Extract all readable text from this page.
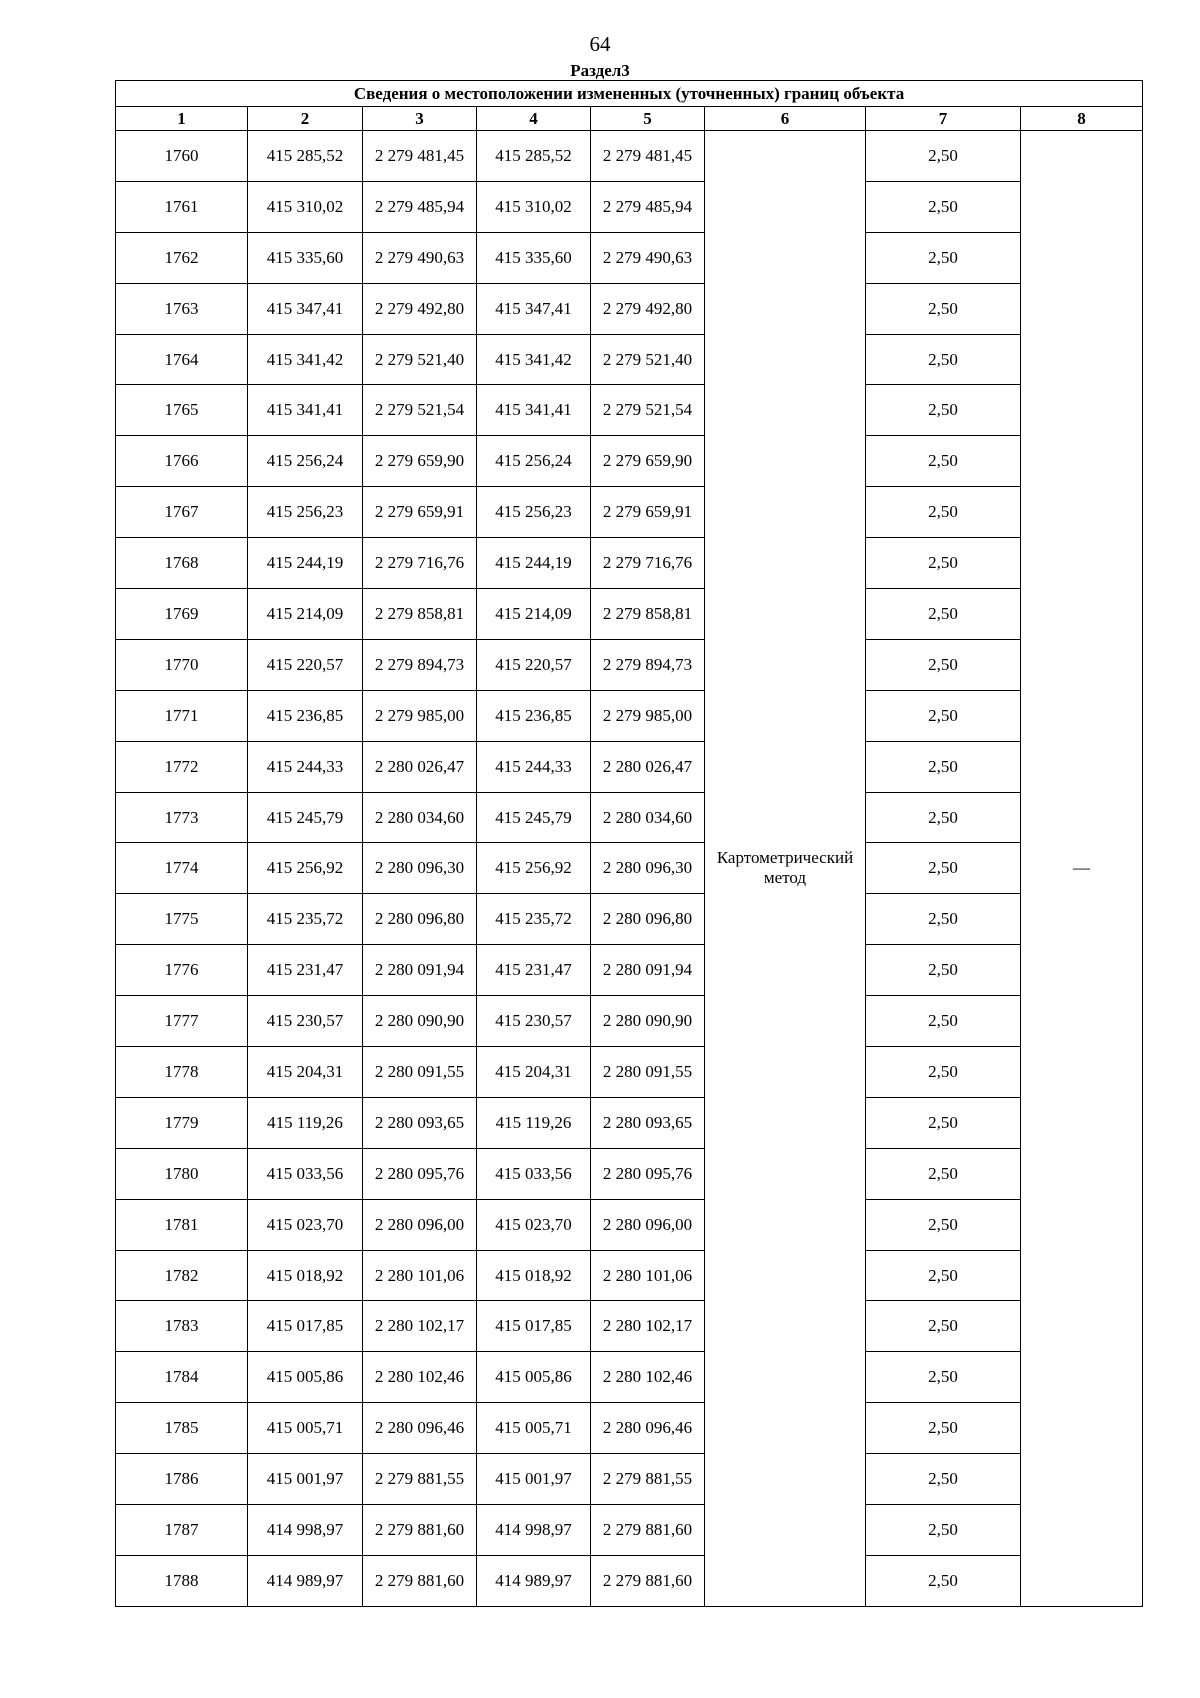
64
Раздел3
Сведения о местоположении измененных (уточненных) границ объекта							
1	2	3	4	5	6	7	8
1760	415 285,52	2 279 481,45	415 285,52	2 279 481,45	Картометрический метод	2,50	—
1761	415 310,02	2 279 485,94	415 310,02	2 279 485,94		2,50	
1762	415 335,60	2 279 490,63	415 335,60	2 279 490,63		2,50	
1763	415 347,41	2 279 492,80	415 347,41	2 279 492,80		2,50	
1764	415 341,42	2 279 521,40	415 341,42	2 279 521,40		2,50	
1765	415 341,41	2 279 521,54	415 341,41	2 279 521,54		2,50	
1766	415 256,24	2 279 659,90	415 256,24	2 279 659,90		2,50	
1767	415 256,23	2 279 659,91	415 256,23	2 279 659,91		2,50	
1768	415 244,19	2 279 716,76	415 244,19	2 279 716,76		2,50	
1769	415 214,09	2 279 858,81	415 214,09	2 279 858,81		2,50	
1770	415 220,57	2 279 894,73	415 220,57	2 279 894,73		2,50	
1771	415 236,85	2 279 985,00	415 236,85	2 279 985,00		2,50	
1772	415 244,33	2 280 026,47	415 244,33	2 280 026,47		2,50	
1773	415 245,79	2 280 034,60	415 245,79	2 280 034,60		2,50	
1774	415 256,92	2 280 096,30	415 256,92	2 280 096,30		2,50	
1775	415 235,72	2 280 096,80	415 235,72	2 280 096,80		2,50	
1776	415 231,47	2 280 091,94	415 231,47	2 280 091,94		2,50	
1777	415 230,57	2 280 090,90	415 230,57	2 280 090,90		2,50	
1778	415 204,31	2 280 091,55	415 204,31	2 280 091,55		2,50	
1779	415 119,26	2 280 093,65	415 119,26	2 280 093,65		2,50	
1780	415 033,56	2 280 095,76	415 033,56	2 280 095,76		2,50	
1781	415 023,70	2 280 096,00	415 023,70	2 280 096,00		2,50	
1782	415 018,92	2 280 101,06	415 018,92	2 280 101,06		2,50	
1783	415 017,85	2 280 102,17	415 017,85	2 280 102,17		2,50	
1784	415 005,86	2 280 102,46	415 005,86	2 280 102,46		2,50	
1785	415 005,71	2 280 096,46	415 005,71	2 280 096,46		2,50	
1786	415 001,97	2 279 881,55	415 001,97	2 279 881,55		2,50	
1787	414 998,97	2 279 881,60	414 998,97	2 279 881,60		2,50	
1788	414 989,97	2 279 881,60	414 989,97	2 279 881,60		2,50	
